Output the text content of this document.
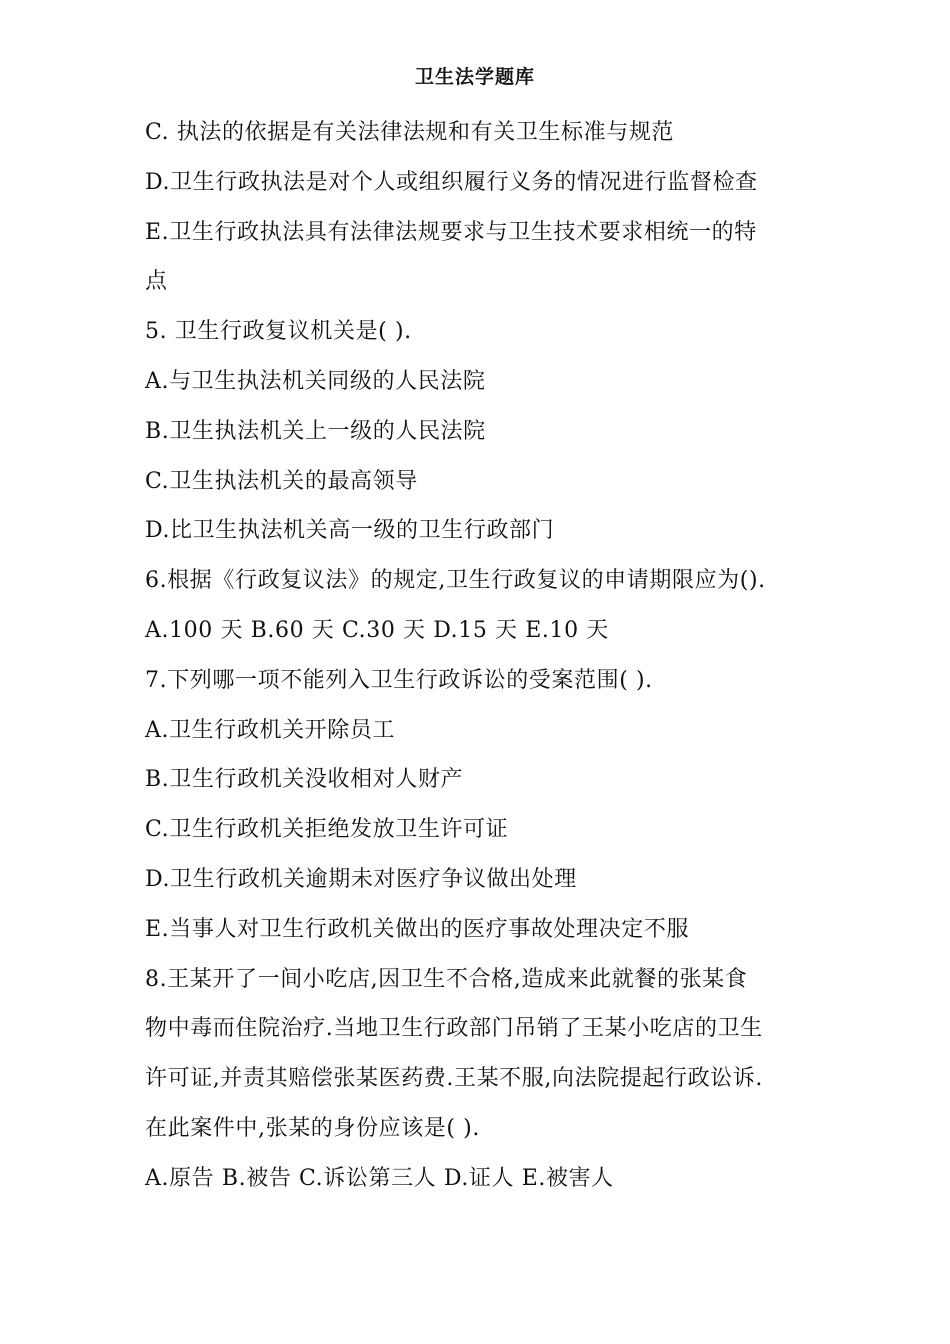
卫生法学题库
C. 执法的依据是有关法律法规和有关卫生标准与规范
D.卫生行政执法是对个人或组织履行义务的情况进行监督检查
E.卫生行政执法具有法律法规要求与卫生技术要求相统一的特
点
5. 卫生行政复议机关是( ).
A.与卫生执法机关同级的人民法院
B.卫生执法机关上一级的人民法院
C.卫生执法机关的最高领导
D.比卫生执法机关高一级的卫生行政部门
6.根据《行政复议法》的规定,卫生行政复议的申请期限应为().
A.100 天 B.60 天 C.30 天 D.15 天 E.10 天
7.下列哪一项不能列入卫生行政诉讼的受案范围( ).
A.卫生行政机关开除员工
B.卫生行政机关没收相对人财产
C.卫生行政机关拒绝发放卫生许可证
D.卫生行政机关逾期未对医疗争议做出处理
E.当事人对卫生行政机关做出的医疗事故处理决定不服
8.王某开了一间小吃店,因卫生不合格,造成来此就餐的张某食
物中毒而住院治疗.当地卫生行政部门吊销了王某小吃店的卫生
许可证,并责其赔偿张某医药费.王某不服,向法院提起行政讼诉.
在此案件中,张某的身份应该是( ).
A.原告 B.被告 C.诉讼第三人 D.证人 E.被害人
